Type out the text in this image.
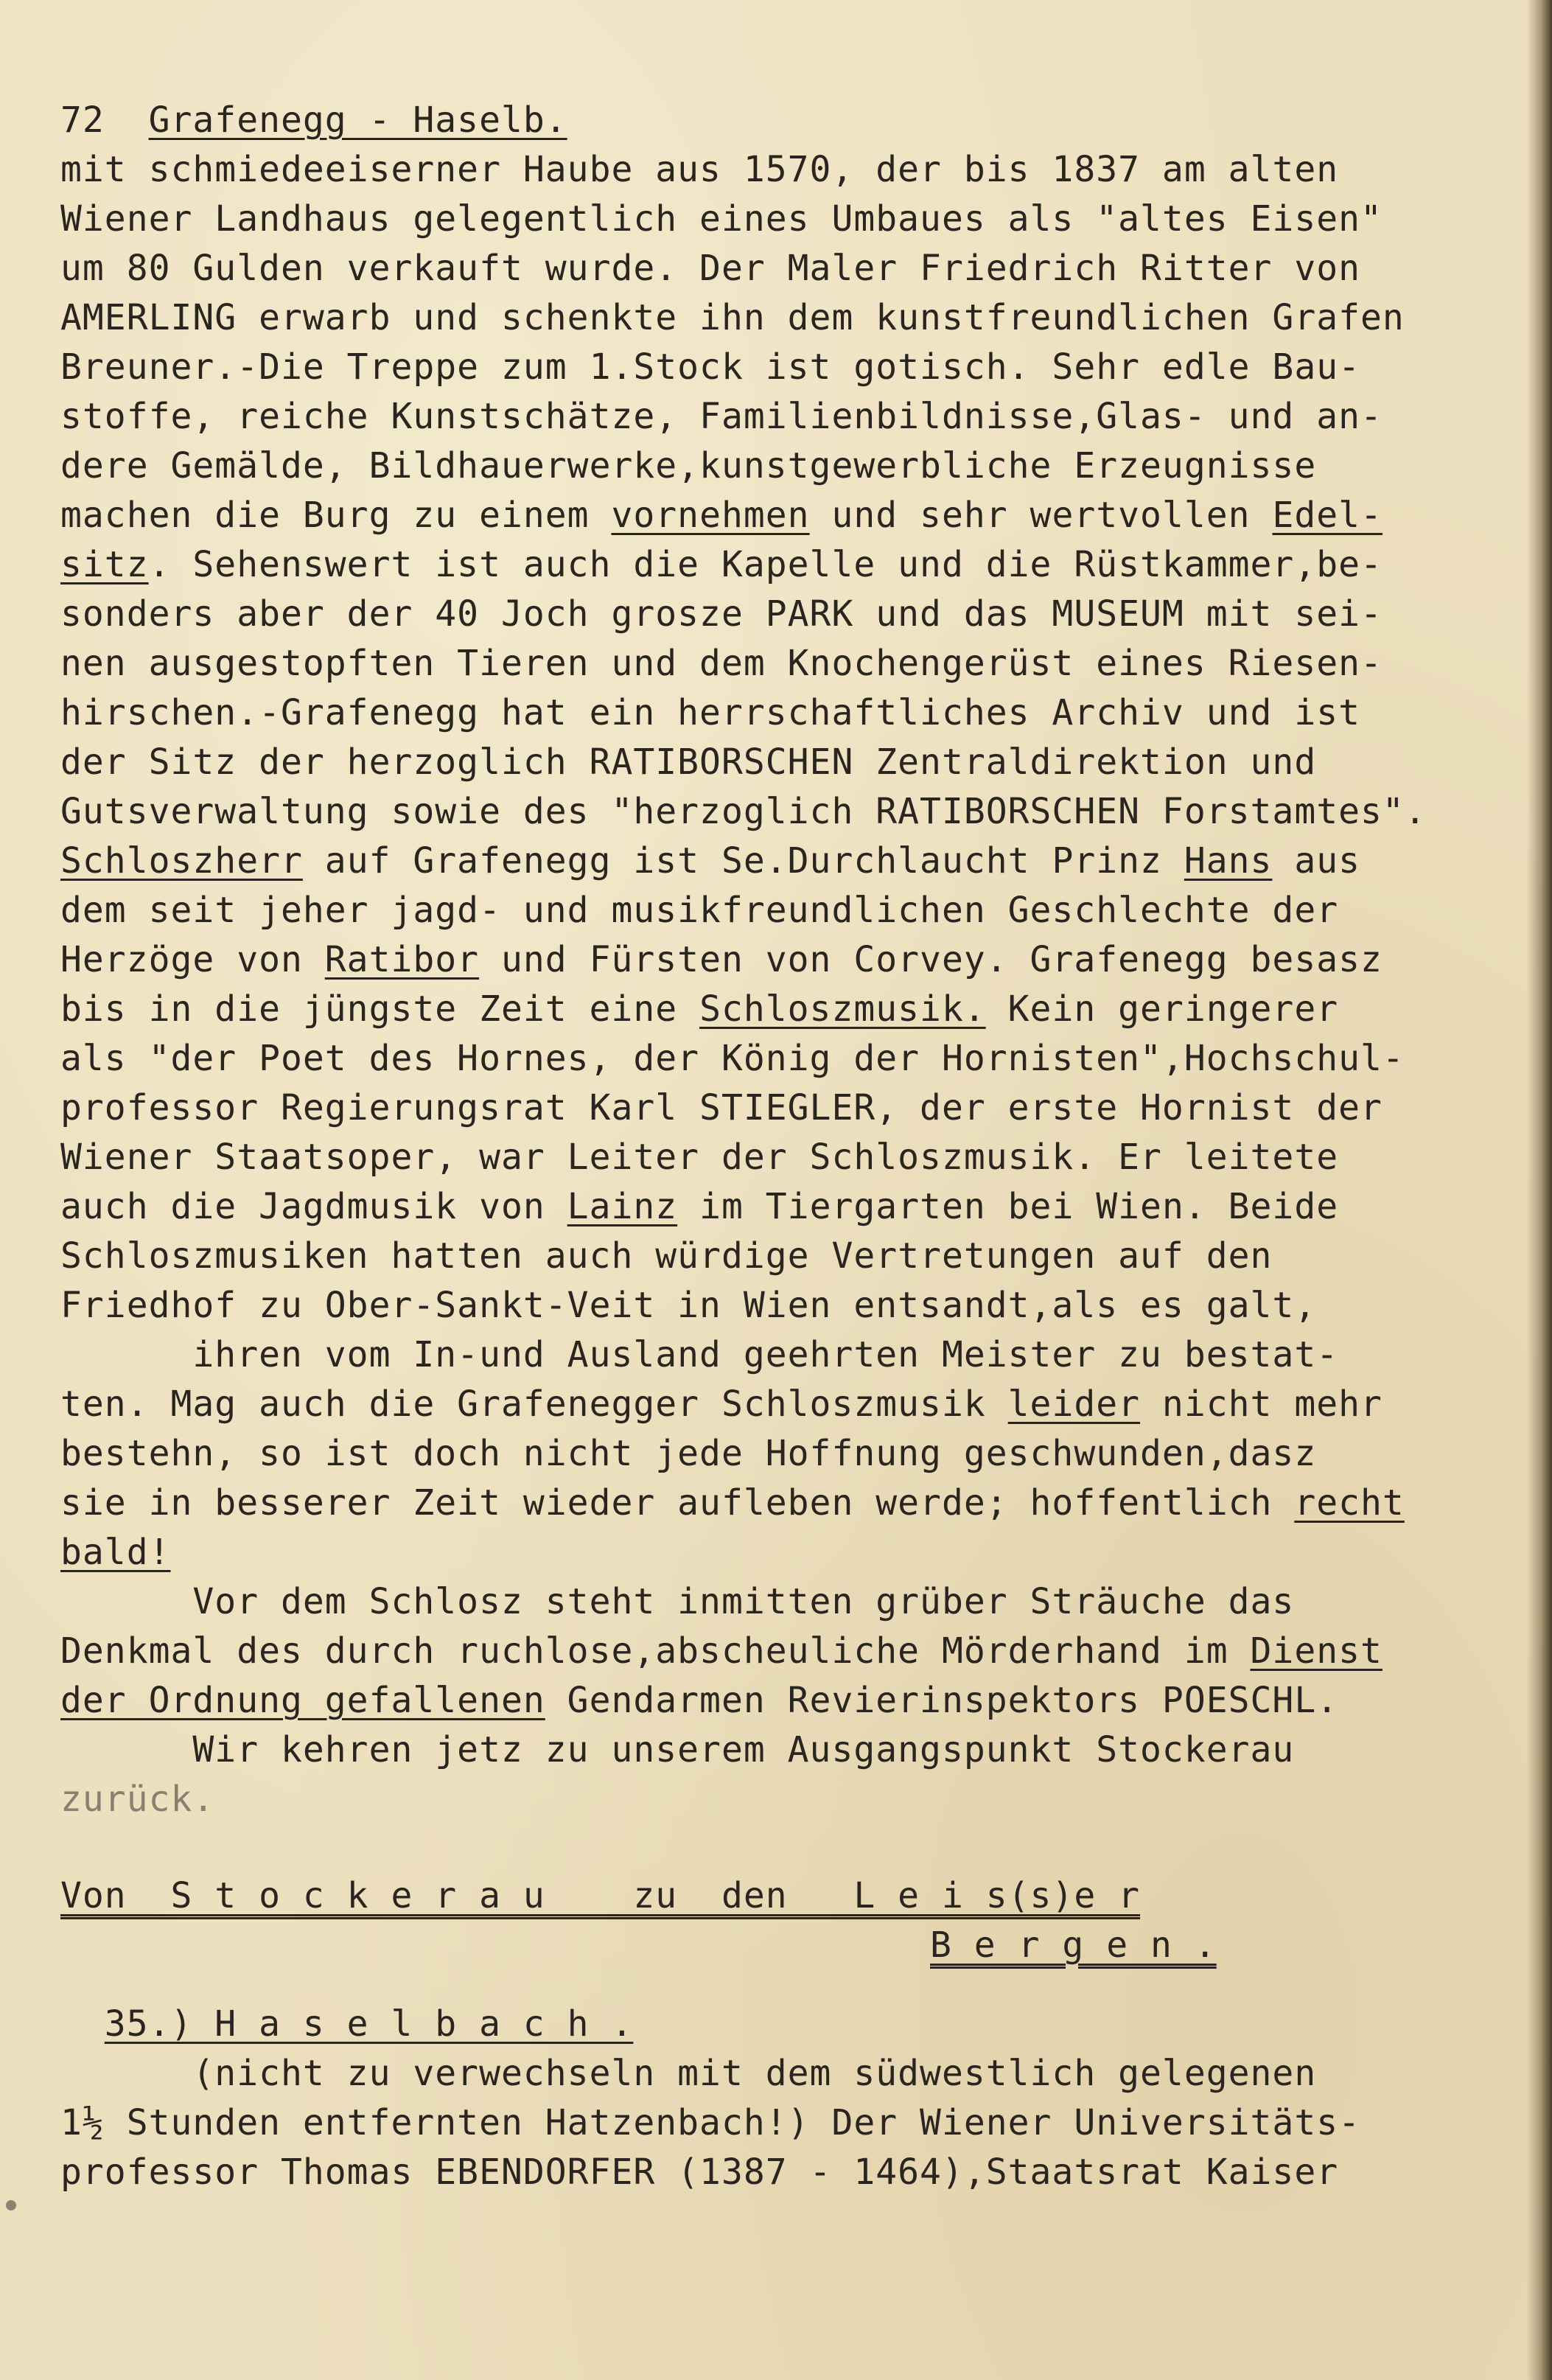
72 Grafenegg - Haselb.
mit schmiedeeiserner Haube aus 1570, der bis 1837 am alten
Wiener Landhaus gelegentlich eines Umbaues als "altes Eisen"
um 80 Gulden verkauft wurde. Der Maler Friedrich Ritter von
AMERLING erwarb und schenkte ihn dem kunstfreundlichen Grafen
Breuner.-Die Treppe zum 1.Stock ist gotisch. Sehr edle Bau-
stoffe, reiche Kunstschätze, Familienbildnisse,Glas- und an-
dere Gemälde, Bildhauerwerke,kunstgewerbliche Erzeugnisse
machen die Burg zu einem vornehmen und sehr wertvollen Edel-
sitz. Sehenswert ist auch die Kapelle und die Rüstkammer,be-
sonders aber der 40 Joch grosze PARK und das MUSEUM mit sei-
nen ausgestopften Tieren und dem Knochengerüst eines Riesen-
hirschen.-Grafenegg hat ein herrschaftliches Archiv und ist
der Sitz der herzoglich RATIBORSCHEN Zentraldirektion und
Gutsverwaltung sowie des "herzoglich RATIBORSCHEN Forstamtes".
Schloszherr auf Grafenegg ist Se.Durchlaucht Prinz Hans aus
dem seit jeher jagd- und musikfreundlichen Geschlechte der
Herzöge von Ratibor und Fürsten von Corvey. Grafenegg besasz
bis in die jüngste Zeit eine Schloszmusik. Kein geringerer
als "der Poet des Hornes, der König der Hornisten",Hochschul-
professor Regierungsrat Karl STIEGLER, der erste Hornist der
Wiener Staatsoper, war Leiter der Schloszmusik. Er leitete
auch die Jagdmusik von Lainz im Tiergarten bei Wien. Beide
Schloszmusiken hatten auch würdige Vertretungen auf den
Friedhof zu Ober-Sankt-Veit in Wien entsandt,als es galt,
ihren vom In-und Ausland geehrten Meister zu bestat-
ten. Mag auch die Grafenegger Schloszmusik leider nicht mehr
bestehn, so ist doch nicht jede Hoffnung geschwunden,dasz
sie in besserer Zeit wieder aufleben werde; hoffentlich recht
bald!
Vor dem Schlosz steht inmitten grüber Sträuche das
Denkmal des durch ruchlose,abscheuliche Mörderhand im Dienst
der Ordnung gefallenen Gendarmen Revierinspektors POESCHL.
Wir kehren jetz zu unserem Ausgangspunkt Stockerau
zurück.
Von  S t o c k e r a u    zu  den   L e i s(s)e r
B e r g e n .
35.) H a s e l b a c h .
(nicht zu verwechseln mit dem südwestlich gelegenen
1½ Stunden entfernten Hatzenbach!) Der Wiener Universitäts-
professor Thomas EBENDORFER (1387 - 1464),Staatsrat Kaiser
